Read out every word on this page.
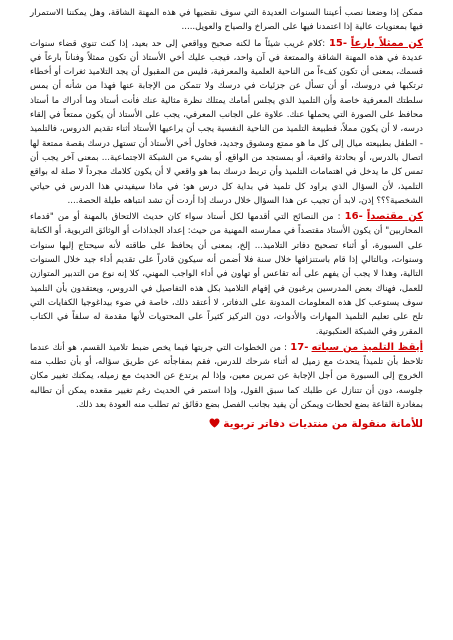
ممكن إذا وضعنا نصب أعيننا السنوات العديدة التي سوف نقضيها في هذه المهنة الشاقة، وهل يمكننا الاستمرار فيها بمعنويات عالية إذا اعتمدنا فيها على الصراخ والصياح والعويل.....

15- كن ممثلاً بارعاً :كلام غريب شيئاً ما لكنه صحيح وواقعي إلى حد بعيد، إذا كنت تنوي قضاء سنوات عديدة في هذه المهنة الشاقة والممتعة في آن واحد، فيجب عليك أخي الأستاذ أن تكون ممثلاً وفناناً بارعاً في قسمك، بمعنى أن تكون كفءاً من الناحية العلمية والمعرفية، فليس من المقبول أن يجد التلاميذ ثغرات أو أخطاء ترتكبها في دروسك، أو أن تسأل عن جزئيات في درسك ولا تتمكن من الإجابة عنها فهذا من شأنه أن يمس سلطتك المعرفية خاصة وأن التلميذ الذي يجلس أمامك يمتلك نظرة مثالية عنك فأنت أستاذ وما أدراك ما أستاذ محافظ على الصورة التي يحملها عنك. علاوة على الجانب المعرفي، يجب على الأستاذ أن يكون ممتعاً في إلقاء درسه، لا أن يكون مملاً، فطبيعة التلميذ من الناحية النفسية يجب أن يراعيها الأستاذ أثناء تقديم الدروس، فالتلميذ - الطفل بطبيعته ميال إلى كل ما هو ممتع ومشوق وجديد، فحاول أخي الأستاذ أن تستهل درسك بقصة ممتعة لها اتصال بالدرس، أو بحادثة واقعية، أو بمستجد من الواقع، أو بشيء من الشبكة الاجتماعية... بمعنى آخر يجب أن تمس كل ما يدخل في اهتمامات التلميذ وأن تربط درسك بما هو واقعي لا أن يكون كلامك مجرداً لا صلة له بواقع التلميذ، لأن السؤال الذي يراود كل تلميذ في بداية كل درس هو: في ماذا سيفيدني هذا الدرس في حياتي الشخصية؟؟؟ إذن، لابد أن تجيب عن هذا السؤال خلال درسك إذا أردت أن تشد انتباهه طيلة الحصة....

16- كن مقتصداً : من النصائح التي أقدمها لكل أستاذ سواء كان حديث الالتحاق بالمهنة أو من "قدماء المحاربين" أن يكون الأستاذ مقتصداً في ممارسته المهنية من حيث: إعداد الجذاذات أو الوثائق التربوية، أو الكتابة على السبورة، أو أثناء تصحيح دفاتر التلاميذ... إلخ، بمعنى أن يحافظ على طاقته لأنه سيحتاج إليها سنوات وسنوات، وبالتالي إذا قام باستنزافها خلال سنة فلا أضمن أنه سيكون قادراً على تقديم أداء جيد خلال السنوات التالية، وهذا لا يجب أن يفهم على أنه تقاعس أو تهاون في أداء الواجب المهني، كلا إنه نوع من التدبير المتوازن للعمل، فهناك بعض المدرسين يرغبون في إفهام التلاميذ بكل هذه التفاصيل في الدروس، ويعتقدون بأن التلميذ سوف يستوعب كل هذه المعلومات المدونة على الدفاتر، لا أعتقد ذلك، خاصة في ضوء بيداغوجيا الكفايات التي تلح على تعليم التلميذ المهارات والأدوات، دون التركيز كثيراً على المحتويات لأنها مقدمة له سلفاً في الكتاب المقرر وفي الشبكة العنكبوتية.

17- أيقظ التلميذ من سباته : من الخطوات التي جربتها فيما يخص ضبط تلاميذ القسم، هو أنك عندما تلاحظ بأن تلميذاً يتحدث مع زميل له أثناء شرحك للدرس، فقم بمفاجأته عن طريق سؤاله، أو بأن تطلب منه الخروج إلى السبورة من أجل الإجابة عن تمرين معين، وإذا لم يرتدع عن الحديث مع زميله، يمكنك تغيير مكان جلوسه، دون أن تتنازل عن طلبك كما سبق القول، وإذا استمر في الحديث رغم تغيير مقعده يمكن أن تطالبه بمغادرة القاعة بضع لحظات ويمكن أن يفيد بجانب الفصل بضع دقائق ثم تطلب منه العودة بعد ذلك.

للأمانة منقولة من منتديات دفاتر تربوية
